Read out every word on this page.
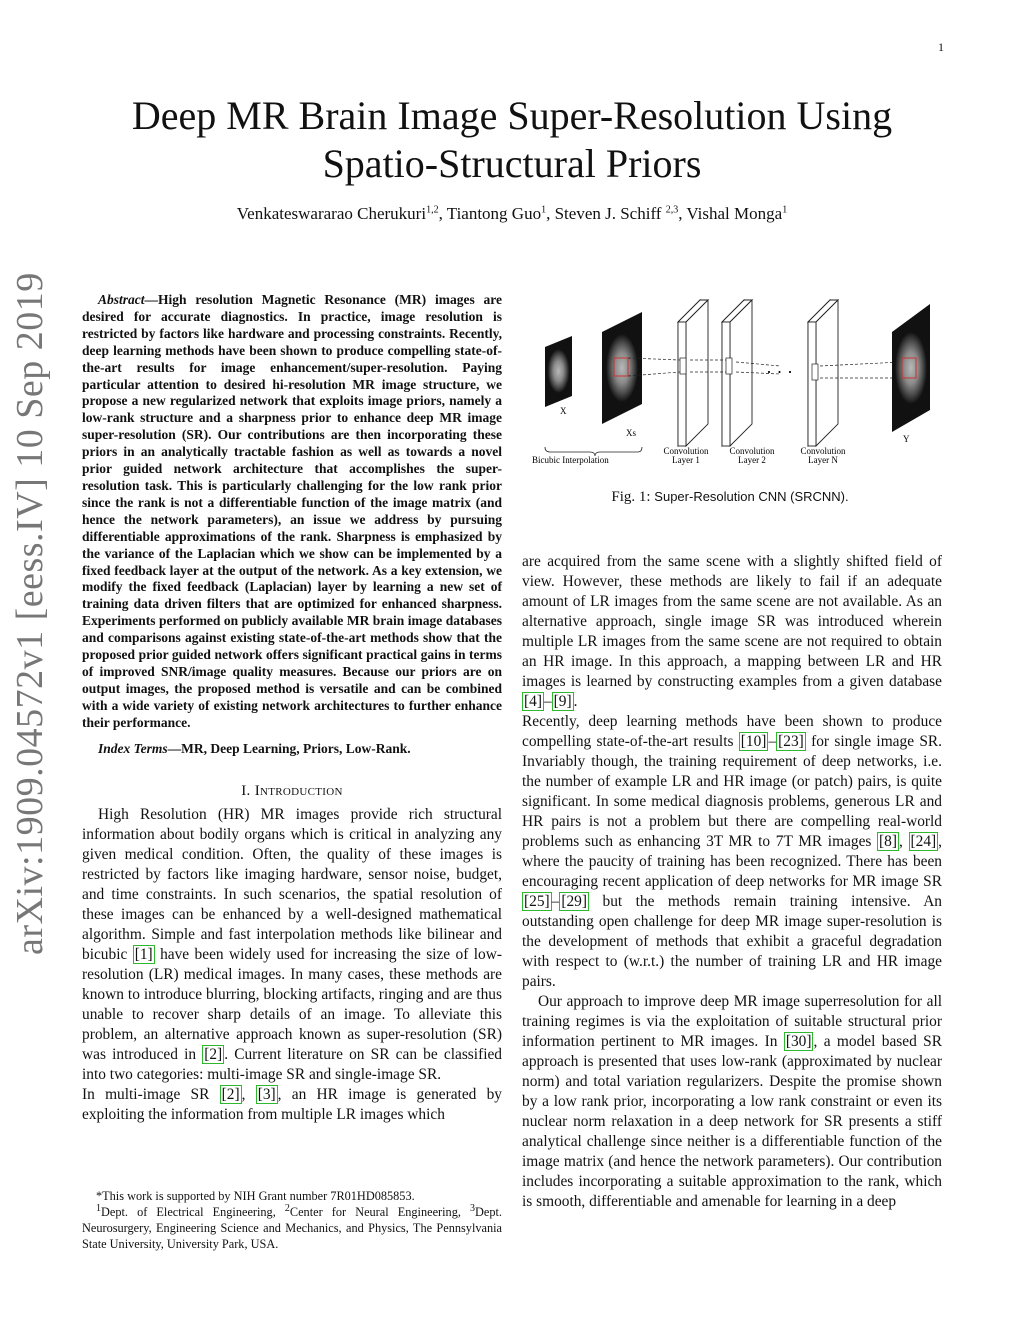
1
arXiv:1909.04572v1 [eess.IV] 10 Sep 2019
Deep MR Brain Image Super-Resolution Using
Spatio-Structural Priors
Venkateswararao Cherukuri$^{1,2}$, Tiantong Guo$^1$, Steven J. Schiff $^{2,3}$, Vishal Monga$^1$

Abstract—High resolution Magnetic Resonance (MR) images are desired for accurate diagnostics. In practice, image resolution is restricted by factors like hardware and processing constraints. Recently, deep learning methods have been shown to produce compelling state-of-the-art results for image enhancement/super-resolution. Paying particular attention to desired hi-resolution MR image structure, we propose a new regularized network that exploits image priors, namely a low-rank structure and a sharpness prior to enhance deep MR image super-resolution (SR). Our contributions are then incorporating these priors in an analytically tractable fashion as well as towards a novel prior guided network architecture that accomplishes the super-resolution task. This is particularly challenging for the low rank prior since the rank is not a differentiable function of the image matrix (and hence the network parameters), an issue we address by pursuing differentiable approximations of the rank. Sharpness is emphasized by the variance of the Laplacian which we show can be implemented by a fixed feedback layer at the output of the network. As a key extension, we modify the fixed feedback (Laplacian) layer by learning a new set of training data driven filters that are optimized for enhanced sharpness. Experiments performed on publicly available MR brain image databases and comparisons against existing state-of-the-art methods show that the proposed prior guided network offers significant practical gains in terms of improved SNR/image quality measures. Because our priors are on output images, the proposed method is versatile and can be combined with a wide variety of existing network architectures to further enhance their performance.

Index Terms—MR, Deep Learning, Priors, Low-Rank.
I. Introduction

High Resolution (HR) MR images provide rich structural information about bodily organs which is critical in analyzing any given medical condition. Often, the quality of these images is restricted by factors like imaging hardware, sensor noise, budget, and time constraints. In such scenarios, the spatial resolution of these images can be enhanced by a well-designed mathematical algorithm. Simple and fast interpolation methods like bilinear and bicubic [1] have been widely used for increasing the size of low-resolution (LR) medical images. In many cases, these methods are known to introduce blurring, blocking artifacts, ringing and are thus unable to recover sharp details of an image. To alleviate this problem, an alternative approach known as super-resolution (SR) was introduced in [2] . Current literature on SR can be classified into two categories: multi-image SR and single-image SR.

In multi-image SR [2] , [3] , an HR image is generated by exploiting the information from multiple LR images which

*This work is supported by NIH Grant number 7R01HD085853.

$^1$Dept. of Electrical Engineering, $^2$Center for Neural Engineering, $^3$Dept. Neurosurgery, Engineering Science and Mechanics, and Physics, The Pennsylvania State University, University Park, USA.

X
Xs
Bicubic Interpolation
· · ·
Y
Convolution
Layer 1
Convolution
Layer 2
Convolution
Layer N
Fig. 1: Super-Resolution CNN (SRCNN).

are acquired from the same scene with a slightly shifted field of view. However, these methods are likely to fail if an adequate amount of LR images from the same scene are not available. As an alternative approach, single image SR was introduced wherein multiple LR images from the same scene are not required to obtain an HR image. In this approach, a mapping between LR and HR images is learned by constructing examples from a given database [4] – [9] .

Recently, deep learning methods have been shown to produce compelling state-of-the-art results [10] – [23] for single image SR. Invariably though, the training requirement of deep networks, i.e. the number of example LR and HR image (or patch) pairs, is quite significant. In some medical diagnosis problems, generous LR and HR pairs is not a problem but there are compelling real-world problems such as enhancing 3T MR to 7T MR images [8] , [24] , where the paucity of training has been recognized. There has been encouraging recent application of deep networks for MR image SR [25] – [29] but the methods remain training intensive. An outstanding open challenge for deep MR image super-resolution is the development of methods that exhibit a graceful degradation with respect to (w.r.t.) the number of training LR and HR image pairs.

Our approach to improve deep MR image superresolution for all training regimes is via the exploitation of suitable structural prior information pertinent to MR images. In [30] , a model based SR approach is presented that uses low-rank (approximated by nuclear norm) and total variation regularizers. Despite the promise shown by a low rank prior, incorporating a low rank constraint or even its nuclear norm relaxation in a deep network for SR presents a stiff analytical challenge since neither is a differentiable function of the image matrix (and hence the network parameters). Our contribution includes incorporating a suitable approximation to the rank, which is smooth, differentiable and amenable for learning in a deep
